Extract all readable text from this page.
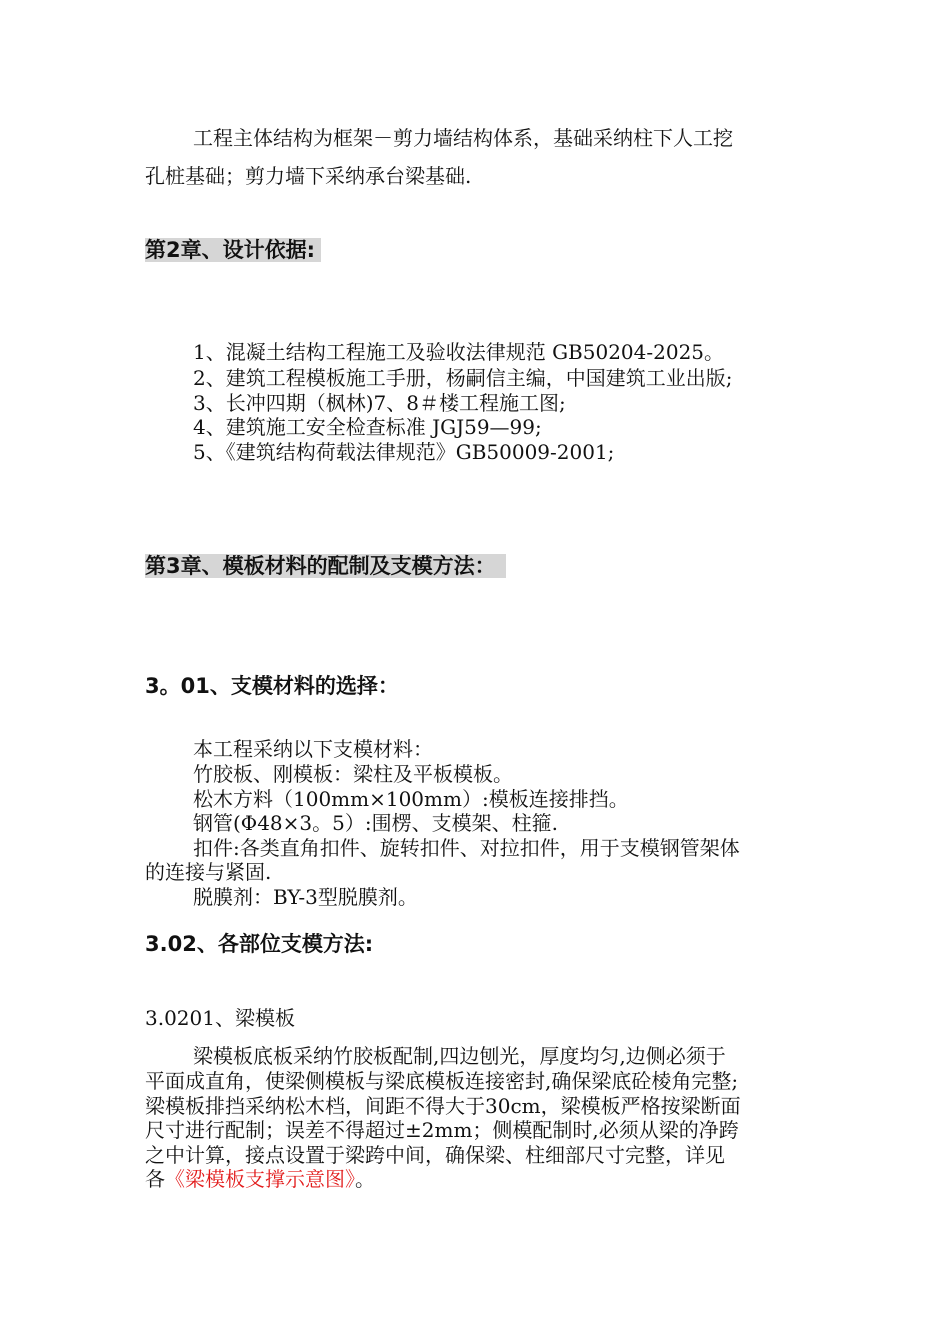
工程主体结构为框架－剪力墙结构体系，基础采纳柱下人工挖
孔桩基础；剪力墙下采纳承台梁基础.
第2章、设计依据:
1、混凝土结构工程施工及验收法律规范 GB50204-2025。
2、建筑工程模板施工手册，杨嗣信主编，中国建筑工业出版;
3、长冲四期（枫林)7、8＃楼工程施工图;
4、建筑施工安全检查标准 JGJ59—99;
5、《建筑结构荷载法律规范》GB50009-2001;
第3章、模板材料的配制及支模方法：
3。01、支模材料的选择：
本工程采纳以下支模材料：
竹胶板、刚模板：梁柱及平板模板。
松木方料（100mm×100mm）:模板连接排挡。
钢管(Φ48×3。5）:围楞、支模架、柱箍.
扣件:各类直角扣件、旋转扣件、对拉扣件，用于支模钢管架体
的连接与紧固.
脱膜剂：BY-3型脱膜剂。
3.02、各部位支模方法:
3.0201、梁模板
梁模板底板采纳竹胶板配制,四边刨光，厚度均匀,边侧必须于
平面成直角，使梁侧模板与梁底模板连接密封,确保梁底砼棱角完整;
梁模板排挡采纳松木档，间距不得大于30cm，梁模板严格按梁断面
尺寸进行配制；误差不得超过±2mm；侧模配制时,必须从梁的净跨
之中计算，接点设置于梁跨中间，确保梁、柱细部尺寸完整，详见
各《梁模板支撑示意图》。
